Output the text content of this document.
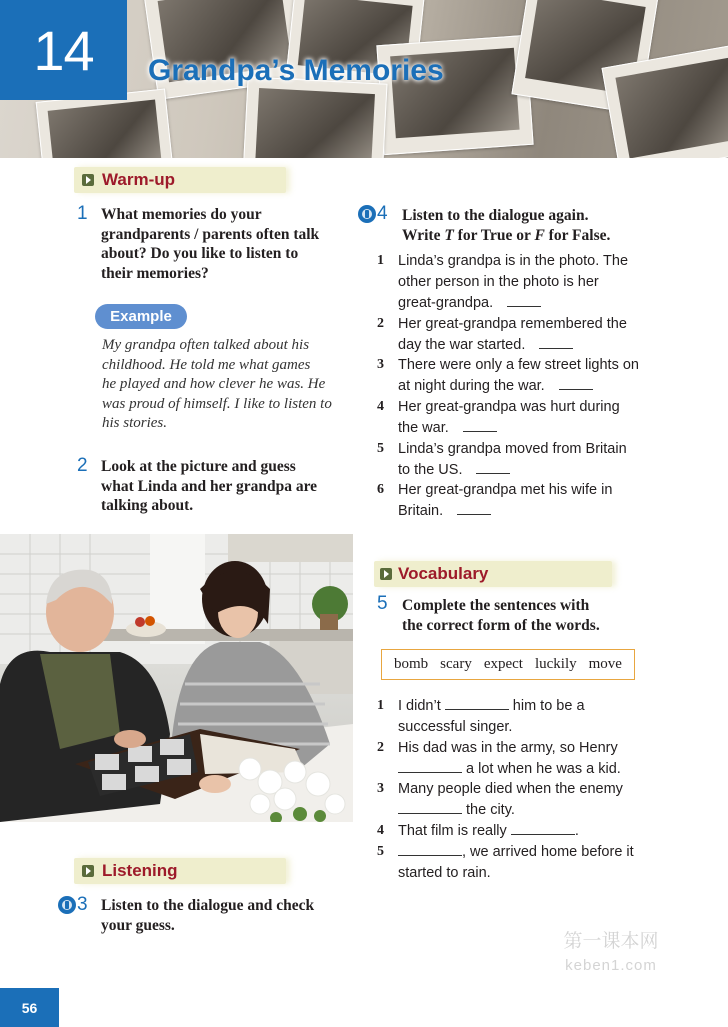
14	Grandpa’s Memories
Warm-up
1 What memories do your
grandparents / parents often talk
about? Do you like to listen to
their memories?
Example
My grandpa often talked about his
childhood. He told me what games
he played and how clever he was. He
was proud of himself. I like to listen to
his stories.
2 Look at the picture and guess
what Linda and her grandpa are
talking about.
Listening
3 Listen to the dialogue and check
your guess.
4 Listen to the dialogue again.
Write T for True or F for False.
1 Linda’s grandpa is in the photo. The
other person in the photo is her
great-grandpa.
2 Her great-grandpa remembered the
day the war started.
3 There were only a few street lights on
at night during the war.
4 Her great-grandpa was hurt during
the war.
5 Linda’s grandpa moved from Britain
to the US.
6 Her great-grandpa met his wife in
Britain.
Vocabulary
5 Complete the sentences with
the correct form of the words.
bomb scary expect luckily move
1 I didn’t	him to be a
successful singer.
2 His dad was in the army, so Henry
a lot when he was a kid.
3 Many people died when the enemy
the city.
4 That film is really	.
5	, we arrived home before it
started to rain.
第一课本网
keben1.com
56
